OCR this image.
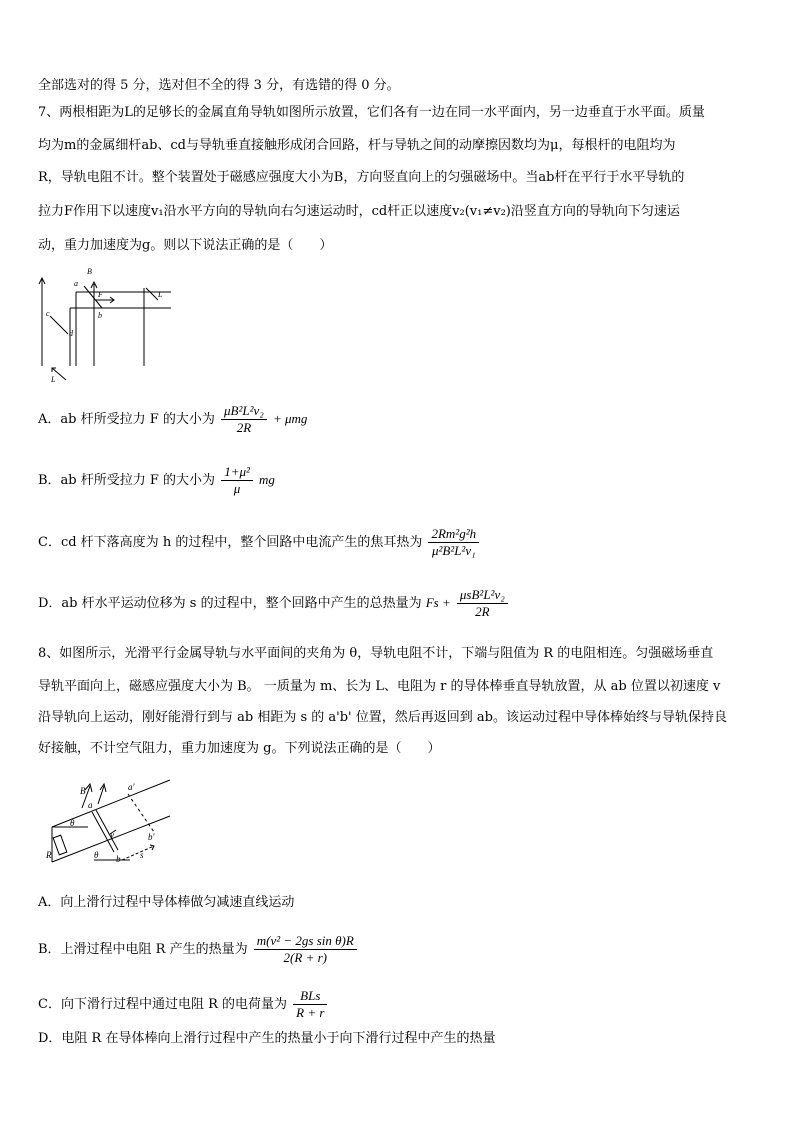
全部选对的得 5 分，选对但不全的得 3 分，有选错的得 0 分。
7、两根相距为L的足够长的金属直角导轨如图所示放置，它们各有一边在同一水平面内，另一边垂直于水平面。质量
均为m的金属细杆ab、cd与导轨垂直接触形成闭合回路，杆与导轨之间的动摩擦因数均为μ，每根杆的电阻均为
R，导轨电阻不计。整个装置处于磁感应强度大小为B，方向竖直向上的匀强磁场中。当ab杆在平行于水平导轨的
拉力F作用下以速度v₁沿水平方向的导轨向右匀速运动时，cd杆正以速度v₂(v₁≠v₂)沿竖直方向的导轨向下匀速运
动，重力加速度为g。则以下说法正确的是（　　）
B
a
F
b
L
c
d
L
A．ab 杆所受拉力 F 的大小为 $\frac{\text{μB²L²v₂}}{2R} + \mu mg$
B．ab 杆所受拉力 F 的大小为 $\frac{\text{1+μ²}}{\mu}$ mg
C．cd 杆下落高度为 h 的过程中，整个回路中电流产生的焦耳热为 $\frac{\text{2Rm²g²h}}{\text{μ²B²L²v₁}}$
D．ab 杆水平运动位移为 s 的过程中，整个回路中产生的总热量为 $Fs + \frac{\text{μsB²L²v₂}}{2R}$
8、如图所示，光滑平行金属导轨与水平面间的夹角为 θ，导轨电阻不计，下端与阻值为 R 的电阻相连。匀强磁场垂直
导轨平面向上，磁感应强度大小为 B。 一质量为 m、长为 L、电阻为 r 的导体棒垂直导轨放置，从 ab 位置以初速度 v
沿导轨向上运动，刚好能滑行到与 ab 相距为 s 的 a'b' 位置，然后再返回到 ab。该运动过程中导体棒始终与导轨保持良
好接触，不计空气阻力，重力加速度为 g。下列说法正确的是（　　）
B
a
a'
θ
v	b'
R	θ b s
A．向上滑行过程中导体棒做匀减速直线运动
B．上滑过程中电阻 R 产生的热量为 $\frac{\text{m(v² − 2gs sin θ)R}}{2(R + r)}$
C．向下滑行过程中通过电阻 R 的电荷量为 $\frac{\text{BLs}}{R + r}$
D．电阻 R 在导体棒向上滑行过程中产生的热量小于向下滑行过程中产生的热量
